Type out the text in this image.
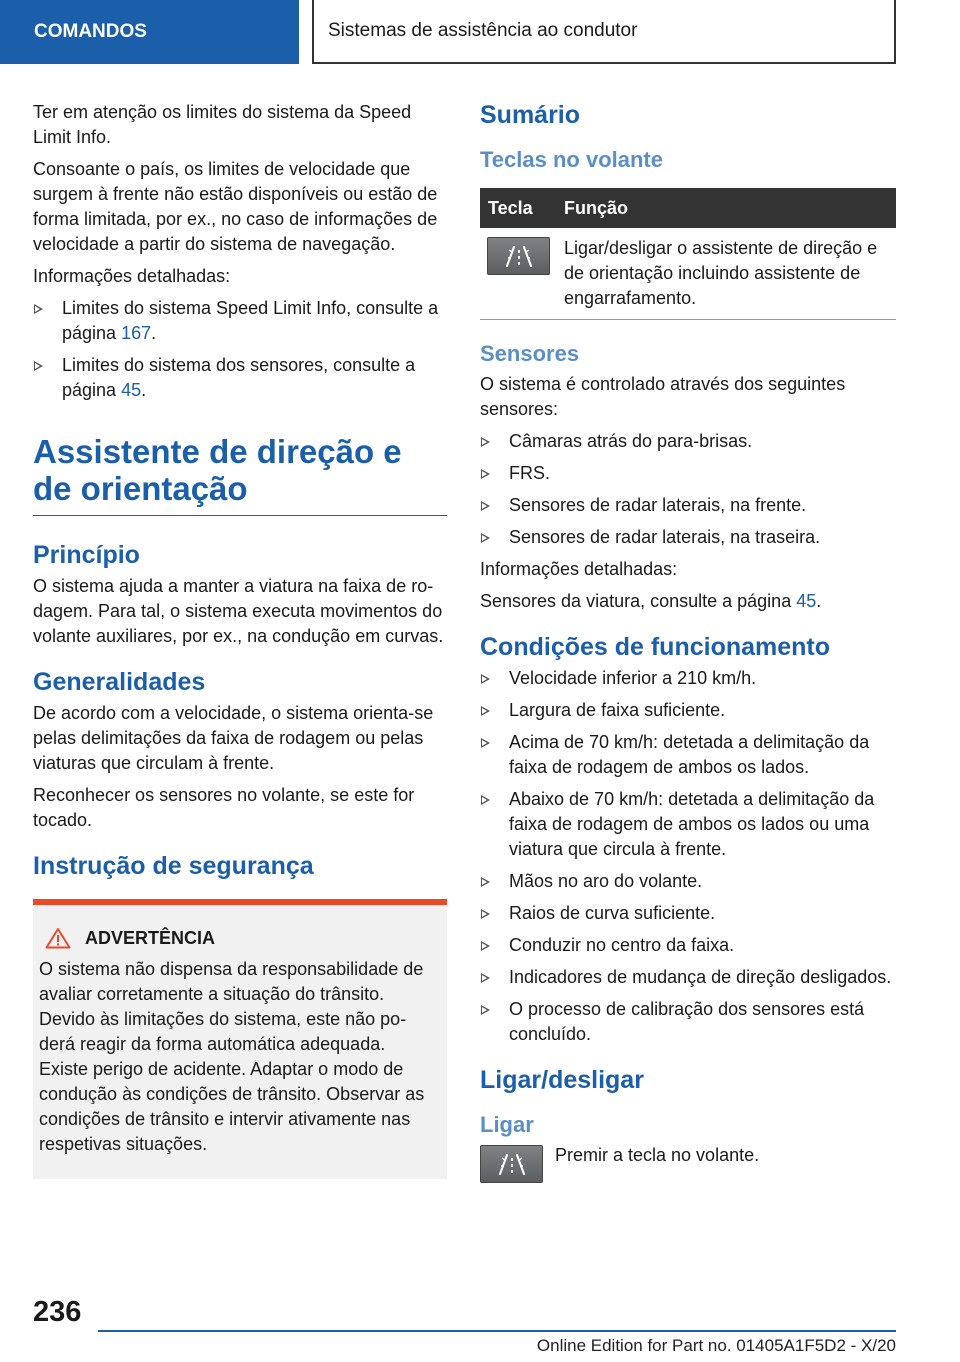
COMANDOS	Sistemas de assistência ao condutor

Ter em atenção os limites do sistema da Speed Limit Info.

Consoante o país, os limites de velocidade que surgem à frente não estão disponíveis ou estão de forma limitada, por ex., no caso de informações de velocidade a partir do sistema de navegação.

Informações detalhadas:

Limites do sistema Speed Limit Info, consulte a página 167.
Limites do sistema dos sensores, consulte a página 45.
Assistente de direção e de orientação
Princípio

O sistema ajuda a manter a viatura na faixa de rodagem. Para tal, o sistema executa movimentos do volante auxiliares, por ex., na condução em curvas.

Generalidades

De acordo com a velocidade, o sistema orienta-se pelas delimitações da faixa de rodagem ou pelas viaturas que circulam à frente.

Reconhecer os sensores no volante, se este for tocado.

Instrução de segurança
ADVERTÊNCIA

O sistema não dispensa da responsabilidade de avaliar corretamente a situação do trânsito. Devido às limitações do sistema, este não poderá reagir da forma automática adequada. Existe perigo de acidente. Adaptar o modo de condução às condições de trânsito. Observar as condições de trânsito e intervir ativamente nas respetivas situações.

Sumário
Teclas no volante
Tecla	Função

	Ligar/desligar o assistente de direção e de orientação incluindo assistente de engarrafamento.
Sensores

O sistema é controlado através dos seguintes sensores:

Câmaras atrás do para-brisas.
FRS.
Sensores de radar laterais, na frente.
Sensores de radar laterais, na traseira.

Informações detalhadas:

Sensores da viatura, consulte a página 45.

Condições de funcionamento
Velocidade inferior a 210 km/h.
Largura de faixa suficiente.
Acima de 70 km/h: detetada a delimitação da faixa de rodagem de ambos os lados.
Abaixo de 70 km/h: detetada a delimitação da faixa de rodagem de ambos os lados ou uma viatura que circula à frente.
Mãos no aro do volante.
Raios de curva suficiente.
Conduzir no centro da faixa.
Indicadores de mudança de direção desligados.
O processo de calibração dos sensores está concluído.
Ligar/desligar
Ligar

Premir a tecla no volante.

236
Online Edition for Part no. 01405A1F5D2 - X/20
